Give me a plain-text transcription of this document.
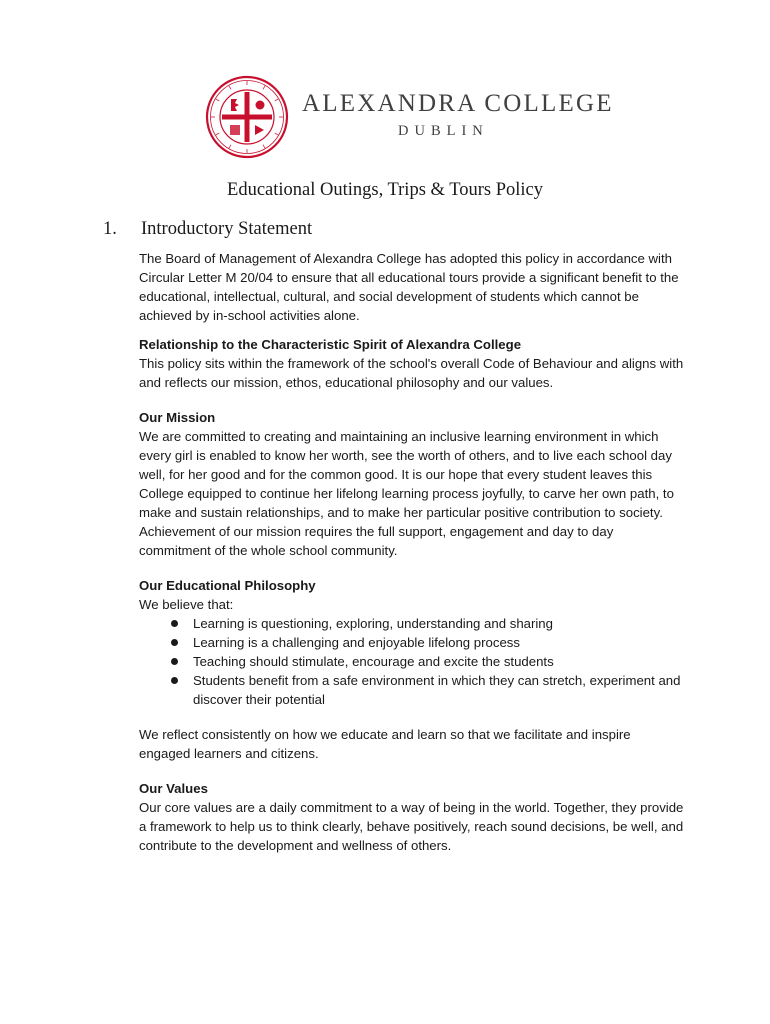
ALEXANDRA COLLEGE
DUBLIN
Educational Outings, Trips & Tours Policy
1. Introductory Statement

The Board of Management of Alexandra College has adopted this policy in accordance with Circular Letter M 20/04 to ensure that all educational tours provide a significant benefit to the educational, intellectual, cultural, and social development of students which cannot be achieved by in-school activities alone.

Relationship to the Characteristic Spirit of Alexandra College

This policy sits within the framework of the school's overall Code of Behaviour and aligns with and reflects our mission, ethos, educational philosophy and our values.

Our Mission

We are committed to creating and maintaining an inclusive learning environment in which every girl is enabled to know her worth, see the worth of others, and to live each school day well, for her good and for the common good. It is our hope that every student leaves this College equipped to continue her lifelong learning process joyfully, to carve her own path, to make and sustain relationships, and to make her particular positive contribution to society. Achievement of our mission requires the full support, engagement and day to day commitment of the whole school community.

Our Educational Philosophy

We believe that:

Learning is questioning, exploring, understanding and sharing
Learning is a challenging and enjoyable lifelong process
Teaching should stimulate, encourage and excite the students
Students benefit from a safe environment in which they can stretch, experiment and discover their potential

We reflect consistently on how we educate and learn so that we facilitate and inspire engaged learners and citizens.

Our Values

Our core values are a daily commitment to a way of being in the world. Together, they provide a framework to help us to think clearly, behave positively, reach sound decisions, be well, and contribute to the development and wellness of others.
